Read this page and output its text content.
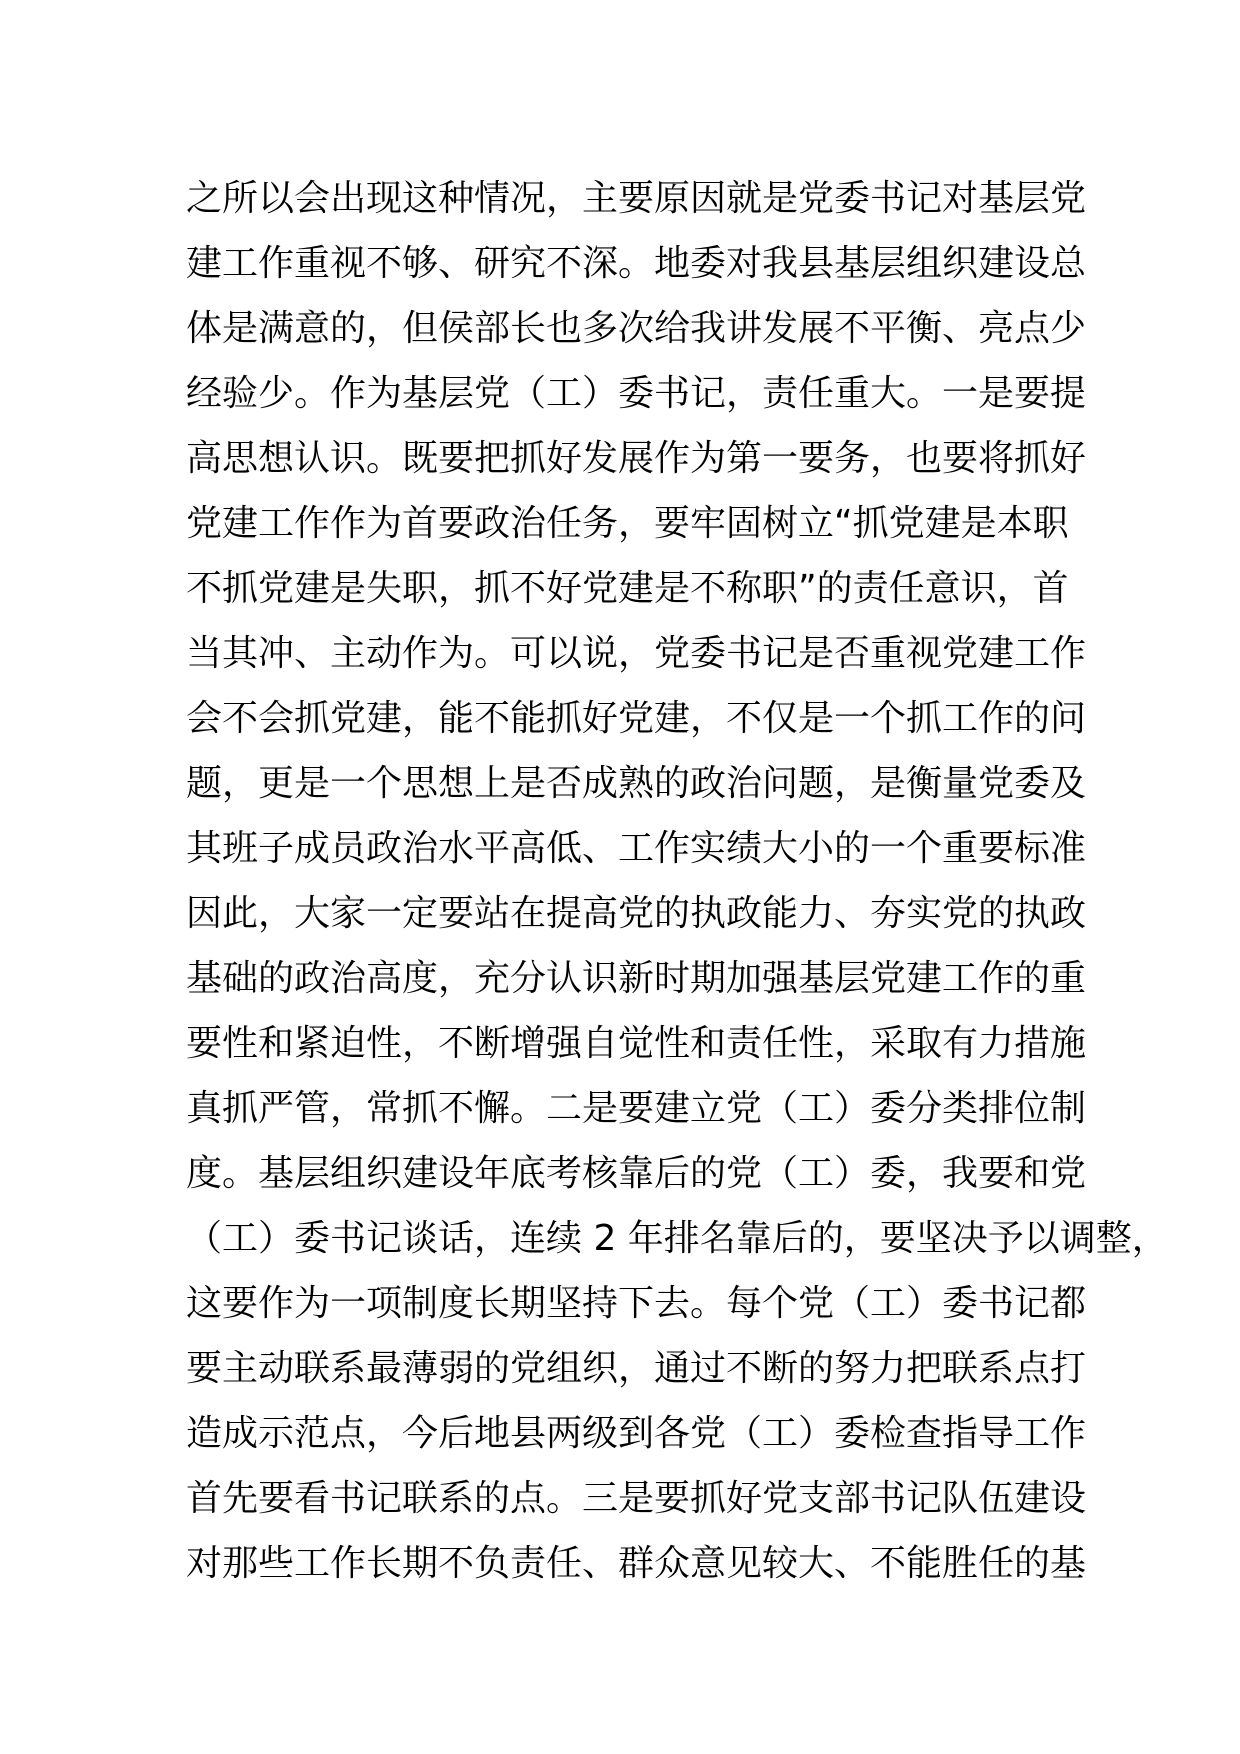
之所以会出现这种情况，主要原因就是党委书记对基层党
建工作重视不够、研究不深。地委对我县基层组织建设总
体是满意的，但侯部长也多次给我讲发展不平衡、亮点少
经验少。作为基层党（工）委书记，责任重大。一是要提
高思想认识。既要把抓好发展作为第一要务，也要将抓好
党建工作作为首要政治任务，要牢固树立“抓党建是本职
不抓党建是失职，抓不好党建是不称职”的责任意识，首
当其冲、主动作为。可以说，党委书记是否重视党建工作
会不会抓党建，能不能抓好党建，不仅是一个抓工作的问
题，更是一个思想上是否成熟的政治问题，是衡量党委及
其班子成员政治水平高低、工作实绩大小的一个重要标准
因此，大家一定要站在提高党的执政能力、夯实党的执政
基础的政治高度，充分认识新时期加强基层党建工作的重
要性和紧迫性，不断增强自觉性和责任性，采取有力措施
真抓严管，常抓不懈。二是要建立党（工）委分类排位制
度。基层组织建设年底考核靠后的党（工）委，我要和党
（工）委书记谈话，连续 2 年排名靠后的，要坚决予以调整，
这要作为一项制度长期坚持下去。每个党（工）委书记都
要主动联系最薄弱的党组织，通过不断的努力把联系点打
造成示范点，今后地县两级到各党（工）委检查指导工作
首先要看书记联系的点。三是要抓好党支部书记队伍建设
对那些工作长期不负责任、群众意见较大、不能胜任的基
